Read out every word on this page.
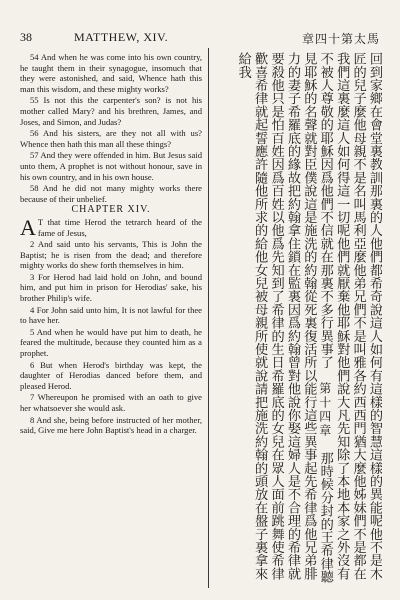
38	MATTHEW, XIV.	章四十第太馬

54 And when he was come into his own country, he taught them in their synagogue, insomuch that they were astonished, and said, Whence hath this man this wisdom, and these mighty works?

55 Is not this the carpenter's son? is not his mother called Mary? and his brethren, James, and Joses, and Simon, and Judas?

56 And his sisters, are they not all with us? Whence then hath this man all these things?

57 And they were offended in him. But Jesus said unto them, A prophet is not without honour, save in his own country, and in his own house.

58 And he did not many mighty works there because of their unbelief.

CHAPTER XIV.

A T that time Herod the tetrarch heard of the fame of Jesus,

2 And said unto his servants, This is John the Baptist; he is risen from the dead; and therefore mighty works do shew forth themselves in him.

3 For Herod had laid hold on John, and bound him, and put him in prison for Herodias' sake, his brother Philip's wife.

4 For John said unto him, It is not lawful for thee to have her.

5 And when he would have put him to death, he feared the multitude, because they counted him as a prophet.

6 But when Herod's birthday was kept, the daughter of Herodias danced before them, and pleased Herod.

7 Whereupon he promised with an oath to give her whatsoever she would ask.

8 And she, being before instructed of her mother, said, Give me here John Baptist's head in a charger.	回到家鄉在會堂裏教訓那裏的人他們都希奇說這人如何有這樣的智慧這樣的異能呢他不是木匠的兒子麼他母親不是名叫馬利亞麼他弟兄們不是叫雅各約西西門猶大麼他姊妹們不是都在我們這裏麼這人如何得這一切呢他們就厭棄他耶穌對他們說大凡先知除了本地本家之外沒有不被人尊敬的耶穌因爲他們不信就在那裏不多行異事了　第十四章　那時候分封的王希律聽見耶穌的名聲就對臣僕說這是施洗的約翰從死裏復活所以能行這些異事起先希律爲他兄弟腓力的妻子希羅底的緣故把約翰拿住鎖在監裏因爲約翰曾對他說你娶這婦人是不合理的希律就要殺他只是怕百姓因爲百姓以他爲先知到了希律的生日希羅底的女兒在眾人面前跳舞使希律歡喜希律就起誓應許隨他所求的給他女兒被母親所使就說請把施洗約翰的頭放在盤子裏拿來給我
